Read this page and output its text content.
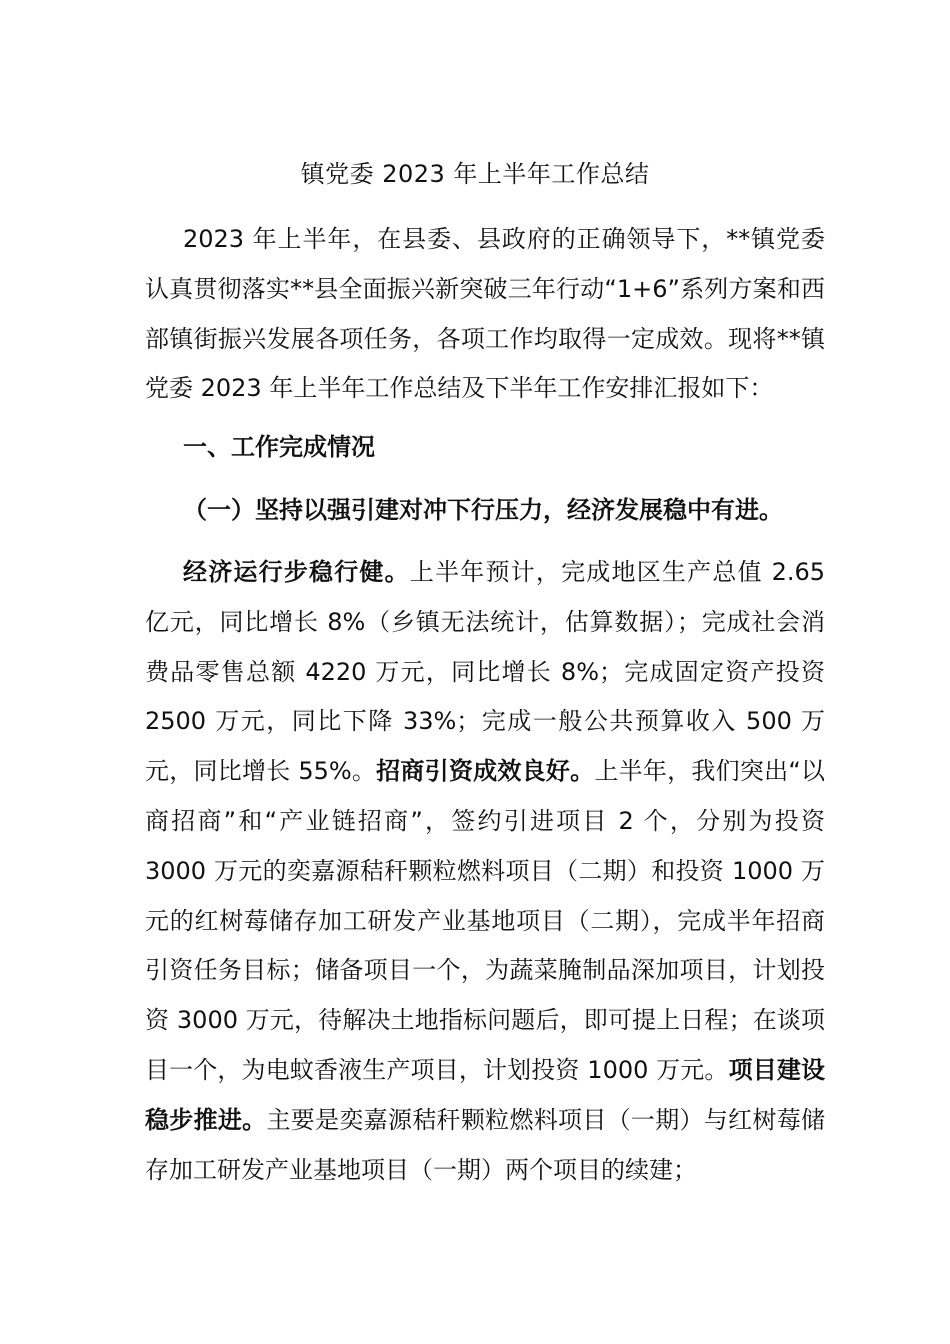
镇党委 2023 年上半年工作总结

2023 年上半年，在县委、县政府的正确领导下，**镇党委认真贯彻落实**县全面振兴新突破三年行动“1+6”系列方案和西部镇街振兴发展各项任务，各项工作均取得一定成效。现将**镇党委 2023 年上半年工作总结及下半年工作安排汇报如下：

一、工作完成情况

（一）坚持以强引建对冲下行压力，经济发展稳中有进。

经济运行步稳行健。上半年预计，完成地区生产总值 2.65 亿元，同比增长 8%（乡镇无法统计，估算数据）；完成社会消费品零售总额 4220 万元，同比增长 8%；完成固定资产投资 2500 万元，同比下降 33%；完成一般公共预算收入 500 万元，同比增长 55%。招商引资成效良好。上半年，我们突出“以商招商”和“产业链招商”，签约引进项目 2 个，分别为投资 3000 万元的奕嘉源秸秆颗粒燃料项目（二期）和投资 1000 万元的红树莓储存加工研发产业基地项目（二期），完成半年招商引资任务目标；储备项目一个，为蔬菜腌制品深加项目，计划投资 3000 万元，待解决土地指标问题后，即可提上日程；在谈项目一个，为电蚊香液生产项目，计划投资 1000 万元。项目建设稳步推进。主要是奕嘉源秸秆颗粒燃料项目（一期）与红树莓储存加工研发产业基地项目（一期）两个项目的续建；
